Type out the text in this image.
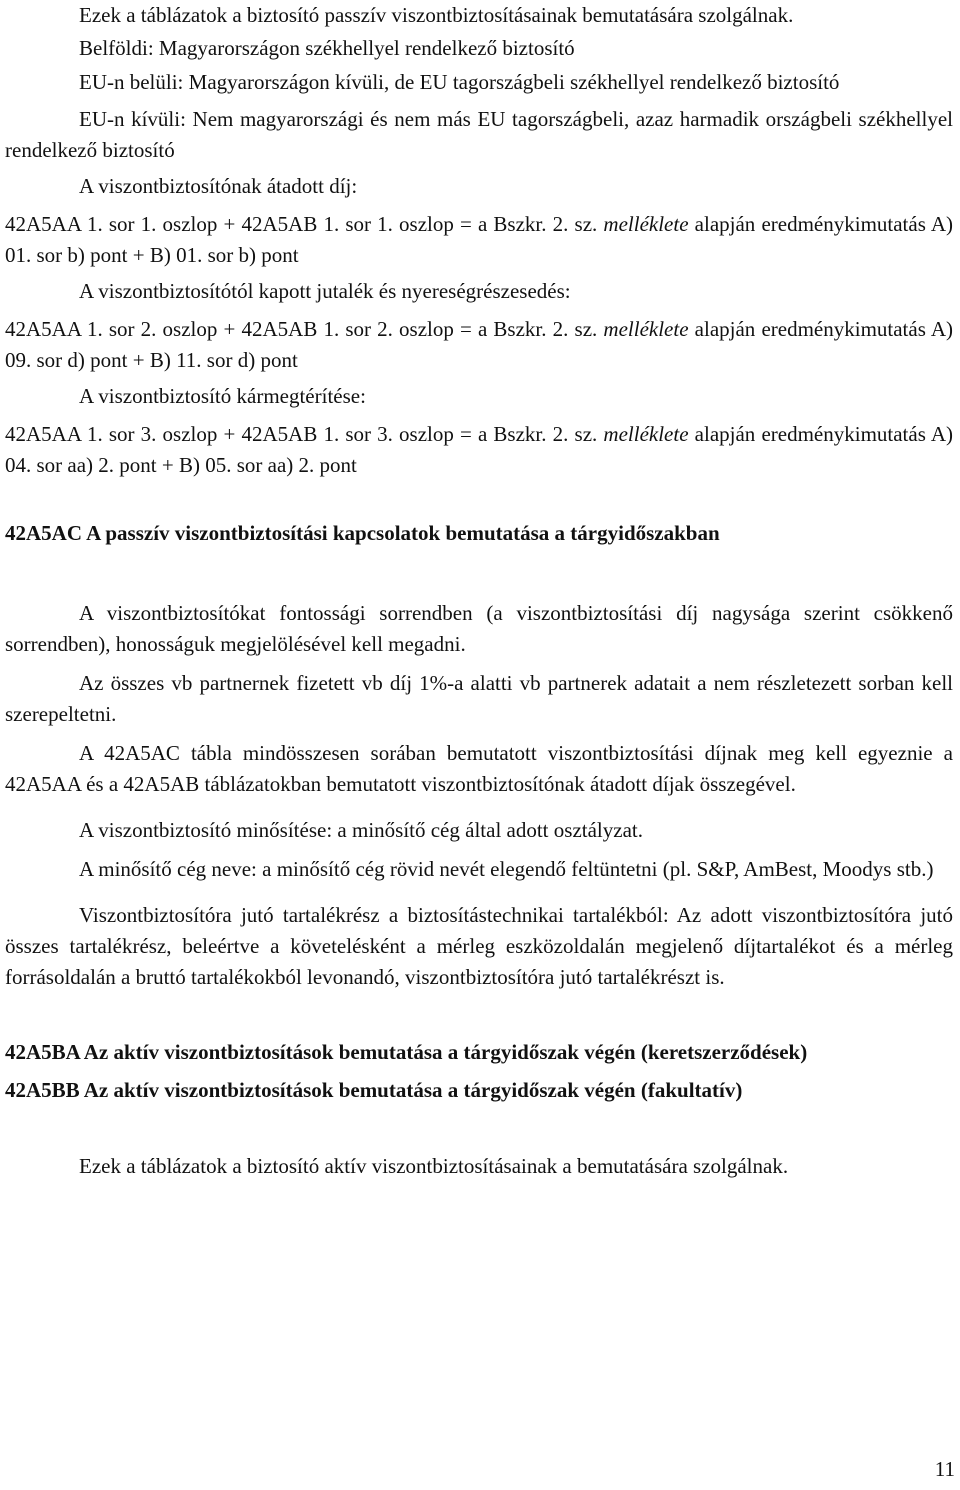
Ezek a táblázatok a biztosító passzív viszontbiztosításainak bemutatására szolgálnak.

Belföldi: Magyarországon székhellyel rendelkező biztosító

EU-n belüli: Magyarországon kívüli, de EU tagországbeli székhellyel rendelkező biztosító

EU-n kívüli: Nem magyarországi és nem más EU tagországbeli, azaz harmadik országbeli székhellyel rendelkező biztosító

A viszontbiztosítónak átadott díj:

42A5AA 1. sor 1. oszlop + 42A5AB 1. sor 1. oszlop = a Bszkr. 2. sz. melléklete alapján eredménykimutatás A) 01. sor b) pont + B) 01. sor b) pont

A viszontbiztosítótól kapott jutalék és nyereségrészesedés:

42A5AA 1. sor 2. oszlop + 42A5AB 1. sor 2. oszlop = a Bszkr. 2. sz. melléklete alapján eredménykimutatás A) 09. sor d) pont + B) 11. sor d) pont

A viszontbiztosító kármegtérítése:

42A5AA 1. sor 3. oszlop + 42A5AB 1. sor 3. oszlop = a Bszkr. 2. sz. melléklete alapján eredménykimutatás A) 04. sor aa) 2. pont + B) 05. sor aa) 2. pont

42A5AC A passzív viszontbiztosítási kapcsolatok bemutatása a tárgyidőszakban

A viszontbiztosítókat fontossági sorrendben (a viszontbiztosítási díj nagysága szerint csökkenő sorrendben), honosságuk megjelölésével kell megadni.

Az összes vb partnernek fizetett vb díj 1%-a alatti vb partnerek adatait a nem részletezett sorban kell szerepeltetni.

A 42A5AC tábla mindösszesen sorában bemutatott viszontbiztosítási díjnak meg kell egyeznie a 42A5AA és a 42A5AB táblázatokban bemutatott viszontbiztosítónak átadott díjak összegével.

A viszontbiztosító minősítése: a minősítő cég által adott osztályzat.

A minősítő cég neve: a minősítő cég rövid nevét elegendő feltüntetni (pl. S&P, AmBest, Moodys stb.)

Viszontbiztosítóra jutó tartalékrész a biztosítástechnikai tartalékból: Az adott viszontbiztosítóra jutó összes tartalékrész, beleértve a követelésként a mérleg eszközoldalán megjelenő díjtartalékot és a mérleg forrásoldalán a bruttó tartalékokból levonandó, viszontbiztosítóra jutó tartalékrészt is.

42A5BA Az aktív viszontbiztosítások bemutatása a tárgyidőszak végén (keretszerződések)

42A5BB Az aktív viszontbiztosítások bemutatása a tárgyidőszak végén (fakultatív)

Ezek a táblázatok a biztosító aktív viszontbiztosításainak a bemutatására szolgálnak.

11
